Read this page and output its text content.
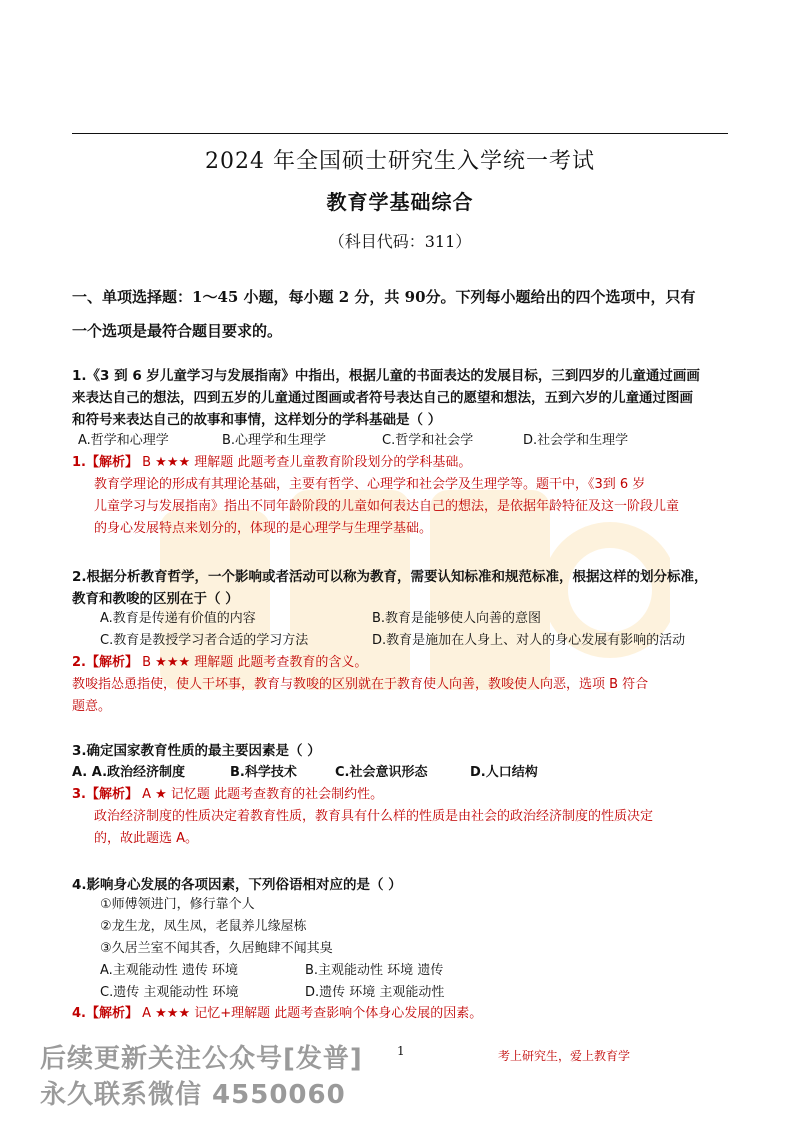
2024 年全国硕士研究生入学统一考试
教育学基础综合
（科目代码：311）
一、单项选择题：1～45 小题，每小题 2 分，共 90分。下列每小题给出的四个选项中，只有
一个选项是最符合题目要求的。
1.《3 到 6 岁儿童学习与发展指南》中指出，根据儿童的书面表达的发展目标，三到四岁的儿童通过画画
来表达自己的想法，四到五岁的儿童通过图画或者符号表达自己的愿望和想法，五到六岁的儿童通过图画
和符号来表达自己的故事和事情，这样划分的学科基础是（ ）
A.哲学和心理学	B.心理学和生理学	C.哲学和社会学	D.社会学和生理学
1.【解析】 B ★★★ 理解题 此题考查儿童教育阶段划分的学科基础。
教育学理论的形成有其理论基础，主要有哲学、心理学和社会学及生理学等。题干中，《3到 6 岁
儿童学习与发展指南》指出不同年龄阶段的儿童如何表达自己的想法，是依据年龄特征及这一阶段儿童
的身心发展特点来划分的，体现的是心理学与生理学基础。
2.根据分析教育哲学，一个影响或者活动可以称为教育，需要认知标准和规范标准，根据这样的划分标准，
教育和教唆的区别在于（ ）
A.教育是传递有价值的内容	B.教育是能够使人向善的意图
C.教育是教授学习者合适的学习方法	D.教育是施加在人身上、对人的身心发展有影响的活动
2.【解析】 B ★★★ 理解题 此题考查教育的含义。
教唆指怂恿指使，使人干坏事，教育与教唆的区别就在于教育使人向善，教唆使人向恶，选项 B 符合
题意。
3.确定国家教育性质的最主要因素是（ ）
A. A.政治经济制度	B.科学技术	C.社会意识形态	D.人口结构
3.【解析】 A ★ 记忆题 此题考查教育的社会制约性。
政治经济制度的性质决定着教育性质，教育具有什么样的性质是由社会的政治经济制度的性质决定
的，故此题选 A。
4.影响身心发展的各项因素，下列俗语相对应的是（ ）
①师傅领进门，修行靠个人
②龙生龙，凤生凤，老鼠养儿缘屋栋
③久居兰室不闻其香，久居鲍肆不闻其臭
A.主观能动性 遗传 环境	B.主观能动性 环境 遗传
C.遗传 主观能动性 环境	D.遗传 环境 主观能动性
4.【解析】 A ★★★ 记忆+理解题 此题考查影响个体身心发展的因素。
后续更新关注公众号[发普]
永久联系微信 4550060
1	考上研究生，爱上教育学
